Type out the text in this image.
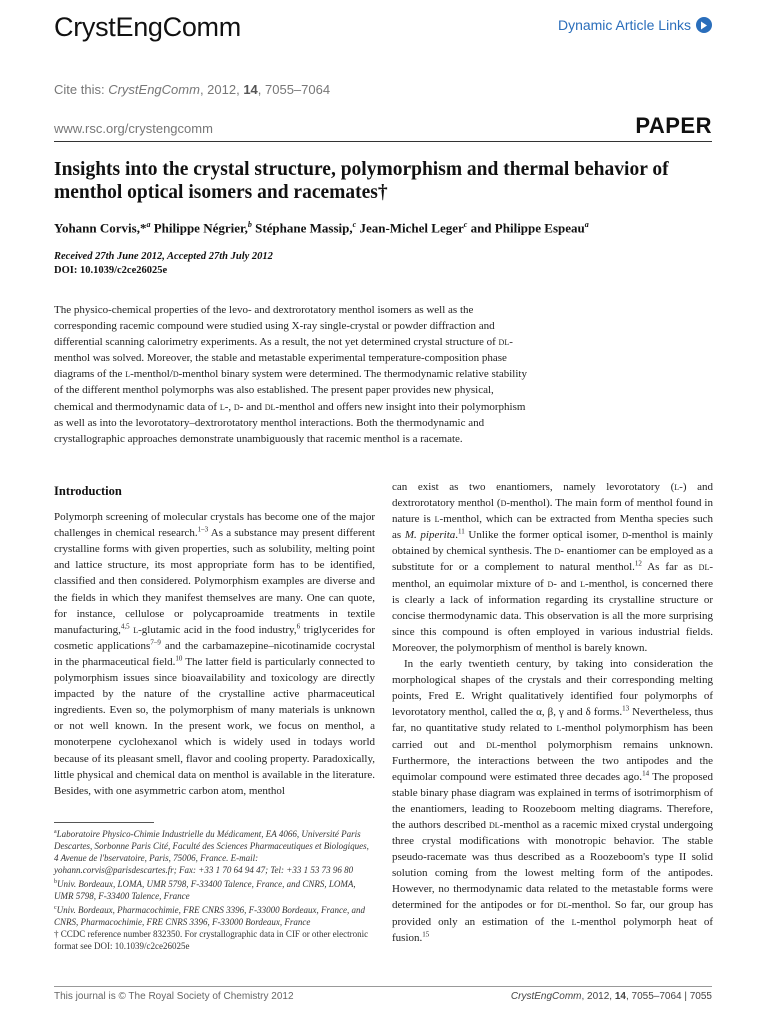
CrystEngComm	Dynamic Article Links
Cite this: CrystEngComm, 2012, 14, 7055–7064
www.rsc.org/crystengcomm	PAPER
Insights into the crystal structure, polymorphism and thermal behavior of menthol optical isomers and racemates†
Yohann Corvis,*$^a$ Philippe Négrier,$^b$ Stéphane Massip,$^c$ Jean-Michel Leger$^c$ and Philippe Espeau$^a$
Received 27th June 2012, Accepted 27th July 2012
DOI: 10.1039/c2ce26025e
The physico-chemical properties of the levo- and dextrorotatory menthol isomers as well as the corresponding racemic compound were studied using X-ray single-crystal or powder diffraction and differential scanning calorimetry experiments. As a result, the not yet determined crystal structure of dl-menthol was solved. Moreover, the stable and metastable experimental temperature-composition phase diagrams of the l-menthol/d-menthol binary system were determined. The thermodynamic relative stability of the different menthol polymorphs was also established. The present paper provides new physical, chemical and thermodynamic data of l-, d- and dl-menthol and offers new insight into their polymorphism as well as into the levorotatory–dextrorotatory menthol interactions. Both the thermodynamic and crystallographic approaches demonstrate unambiguously that racemic menthol is a racemate.
Introduction

Polymorph screening of molecular crystals has become one of the major challenges in chemical research.$^{1-3}$ As a substance may present different crystalline forms with given properties, such as solubility, melting point and lattice structure, its most appropriate form has to be identified, classified and then considered. Polymorphism examples are diverse and the fields in which they manifest themselves are many. One can quote, for instance, cellulose or polycaproamide treatments in textile manufacturing,$^{4,5}$ l-glutamic acid in the food industry,$^6$ triglycerides for cosmetic applications$^{7-9}$ and the carbamazepine–nicotinamide cocrystal in the pharmaceutical field.$^{10}$ The latter field is particularly connected to polymorphism issues since bioavailability and toxicology are directly impacted by the nature of the crystalline active pharmaceutical ingredients. Even so, the polymorphism of many materials is unknown or not well known. In the present work, we focus on menthol, a monoterpene cyclohexanol which is widely used in todays world because of its pleasant smell, flavor and cooling property. Paradoxically, little physical and chemical data on menthol is available in the literature. Besides, with one asymmetric carbon atom, menthol

can exist as two enantiomers, namely levorotatory (l-) and dextrorotatory menthol (d-menthol). The main form of menthol found in nature is l-menthol, which can be extracted from Mentha species such as M. piperita.$^{11}$ Unlike the former optical isomer, d-menthol is mainly obtained by chemical synthesis. The d- enantiomer can be employed as a substitute for or a complement to natural menthol.$^{12}$ As far as dl-menthol, an equimolar mixture of d- and l-menthol, is concerned there is clearly a lack of information regarding its crystalline structure or concise thermodynamic data. This observation is all the more surprising since this compound is often employed in various industrial fields. Moreover, the polymorphism of menthol is barely known.

In the early twentieth century, by taking into consideration the morphological shapes of the crystals and their corresponding melting points, Fred E. Wright qualitatively identified four polymorphs of levorotatory menthol, called the α, β, γ and δ forms.$^{13}$ Nevertheless, thus far, no quantitative study related to l-menthol polymorphism has been carried out and dl-menthol polymorphism remains unknown. Furthermore, the interactions between the two antipodes and the equimolar compound were estimated three decades ago.$^{14}$ The proposed stable binary phase diagram was explained in terms of isotrimorphism of the enantiomers, leading to Roozeboom melting diagrams. Therefore, the authors described dl-menthol as a racemic mixed crystal undergoing three crystal modifications with monotropic behavior. The stable pseudo-racemate was thus described as a Roozeboom's type II solid solution coming from the lowest melting form of the antipodes. However, no thermodynamic data related to the metastable forms were determined for the antipodes or for dl-menthol. So far, our group has provided only an estimation of the l-menthol polymorph heat of fusion.$^{15}$

$^a$Laboratoire Physico-Chimie Industrielle du Médicament, EA 4066, Université Paris Descartes, Sorbonne Paris Cité, Faculté des Sciences Pharmaceutiques et Biologiques, 4 Avenue de l'bservatoire, Paris, 75006, France. E-mail: yohann.corvis@parisdescartes.fr; Fax: +33 1 70 64 94 47; Tel: +33 1 53 73 96 80
$^b$Univ. Bordeaux, LOMA, UMR 5798, F-33400 Talence, France, and CNRS, LOMA, UMR 5798, F-33400 Talence, France
$^c$Univ. Bordeaux, Pharmacochimie, FRE CNRS 3396, F-33000 Bordeaux, France, and CNRS, Pharmacochimie, FRE CNRS 3396, F-33000 Bordeaux, France
† CCDC reference number 832350. For crystallographic data in CIF or other electronic format see DOI: 10.1039/c2ce26025e
This journal is © The Royal Society of Chemistry 2012	CrystEngComm, 2012, 14, 7055–7064 | 7055
